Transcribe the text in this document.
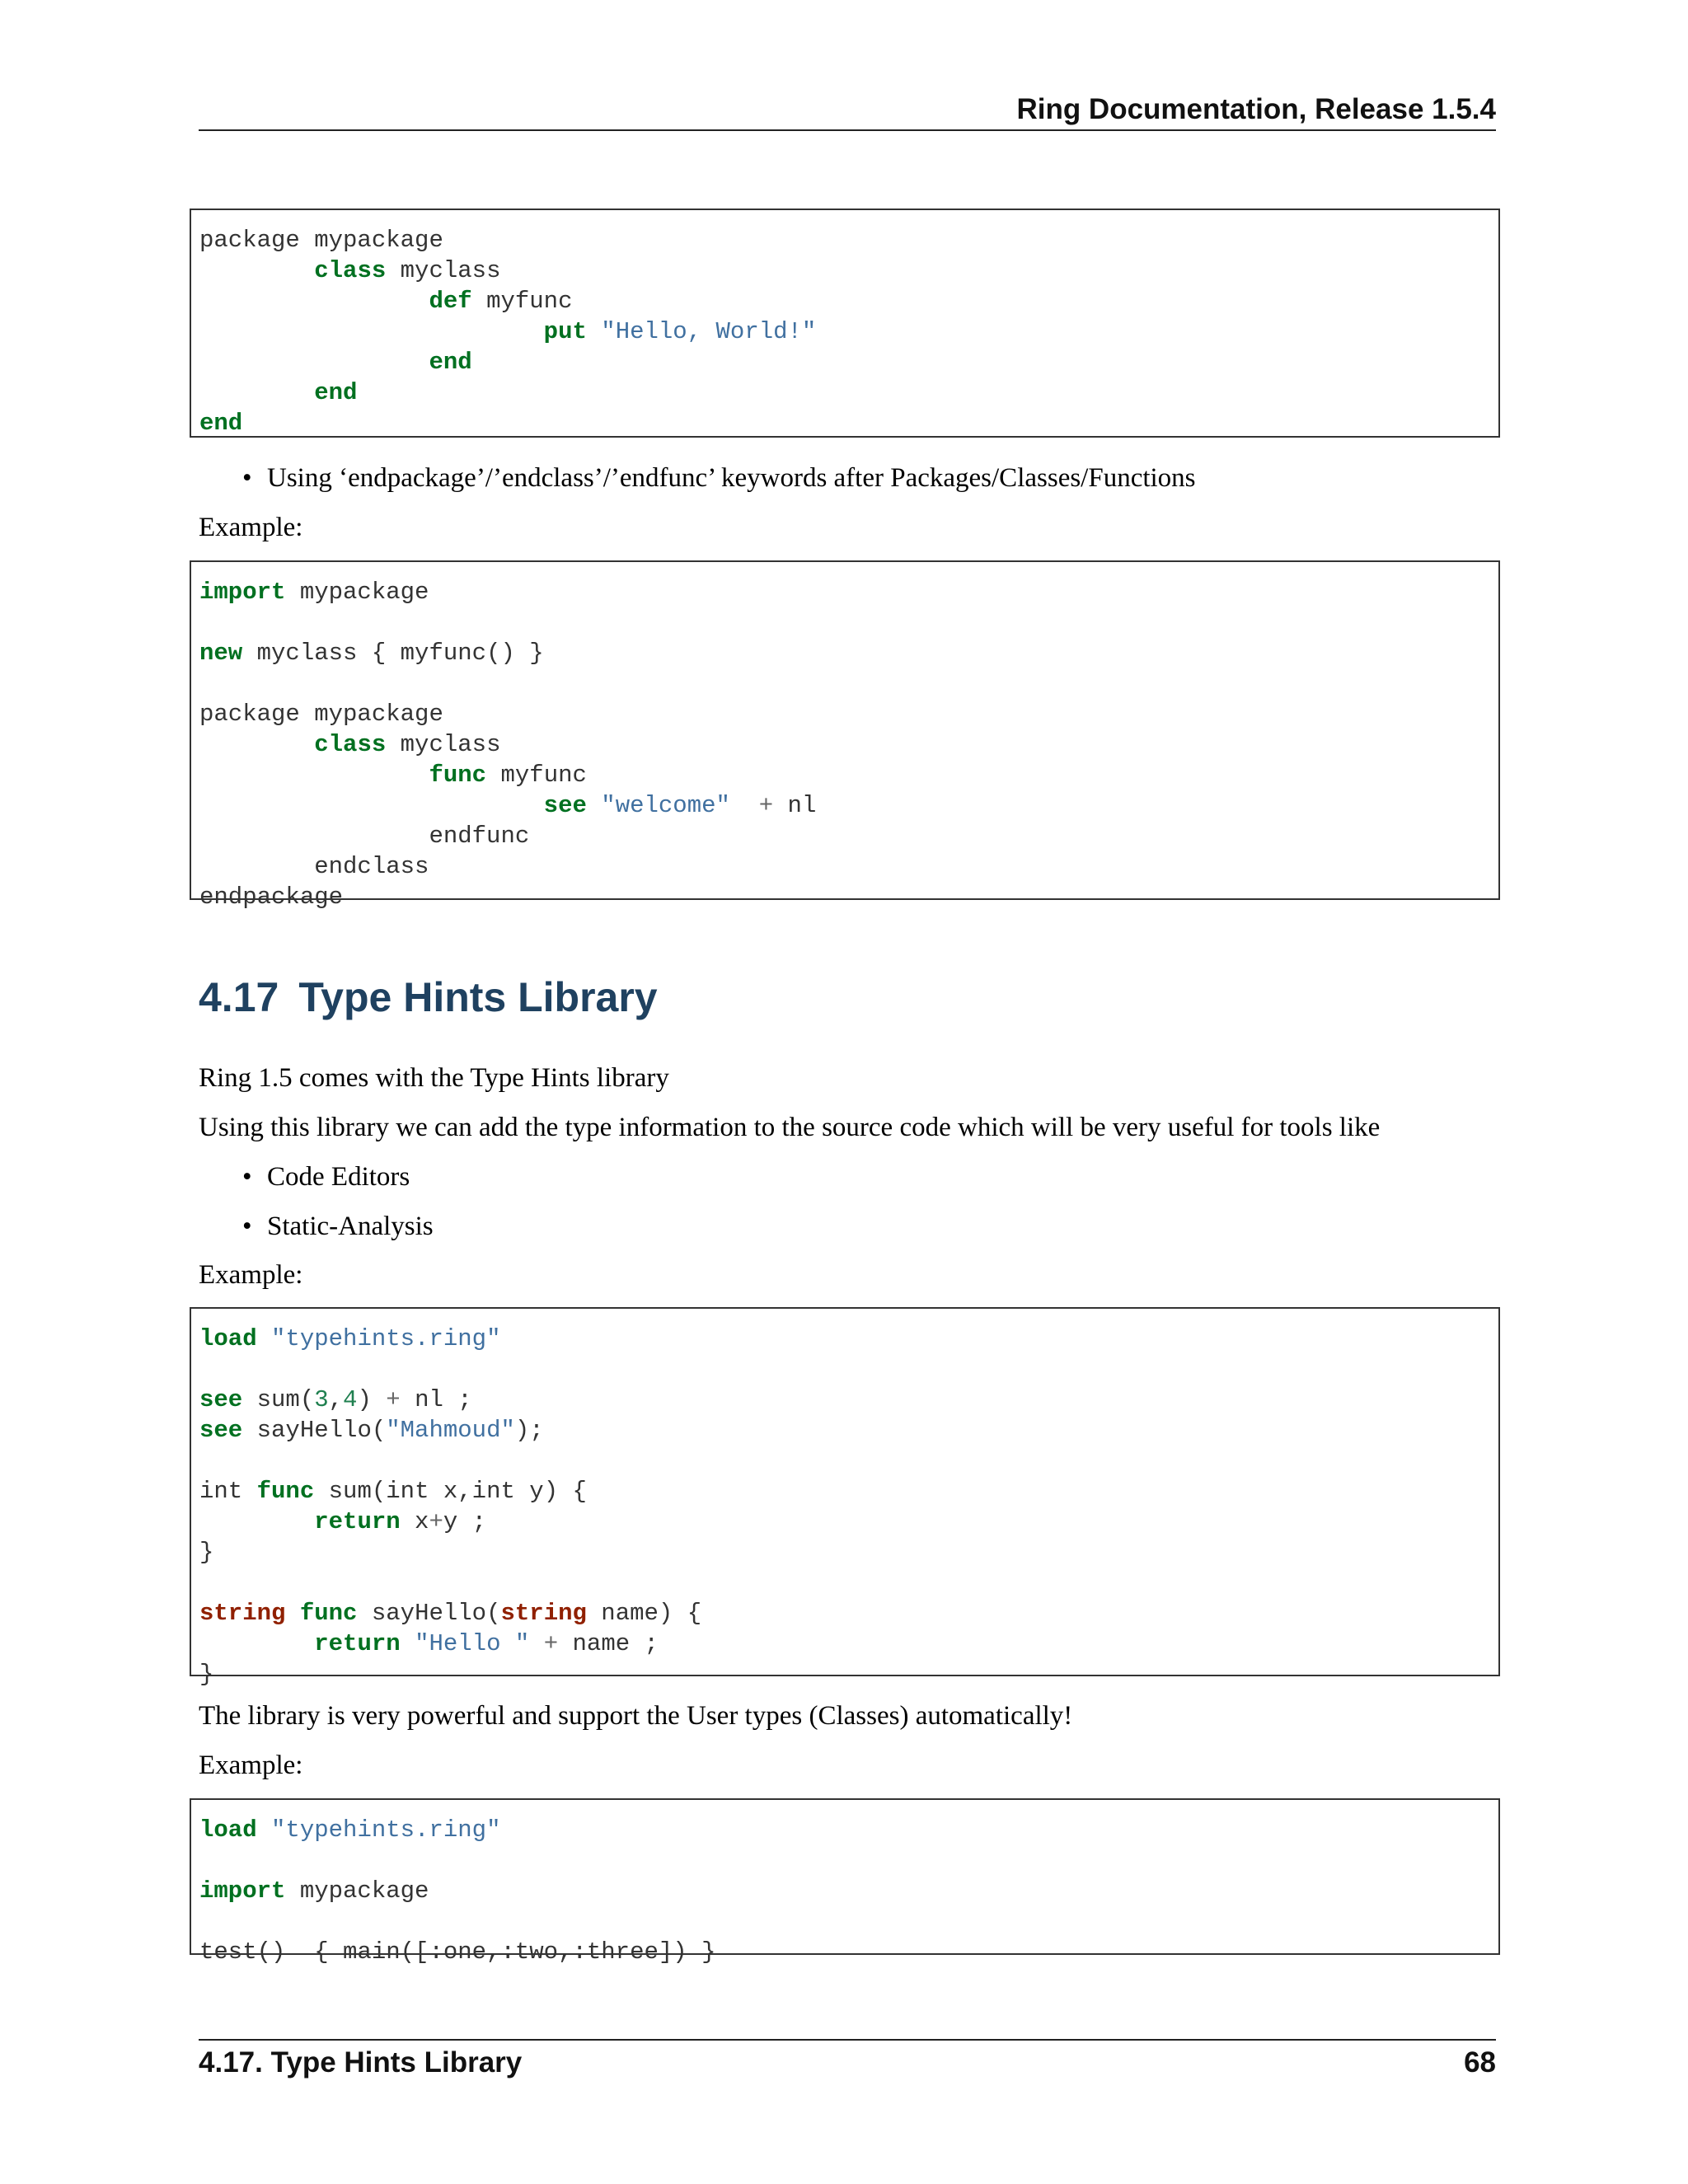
Ring Documentation, Release 1.5.4
package mypackage
class myclass
def myfunc
put "Hello, World!"
end
end
end
• Using ‘endpackage’/’endclass’/’endfunc’ keywords after Packages/Classes/Functions
Example:
import mypackage
new myclass { myfunc() }
package mypackage
class myclass
func myfunc
see "welcome" + nl
endfunc
endclass
endpackage
4.17 Type Hints Library
Ring 1.5 comes with the Type Hints library
Using this library we can add the type information to the source code which will be very useful for tools like
• Code Editors
• Static-Analysis
Example:
load "typehints.ring"
see sum(3,4) + nl ;
see sayHello("Mahmoud");
int func sum(int x,int y) {
return x+y ;
}
string func sayHello(string name) {
return "Hello " + name ;
}
The library is very powerful and support the User types (Classes) automatically!
Example:
load "typehints.ring"
import mypackage
test()  { main([:one,:two,:three]) }
4.17. Type Hints Library	68
